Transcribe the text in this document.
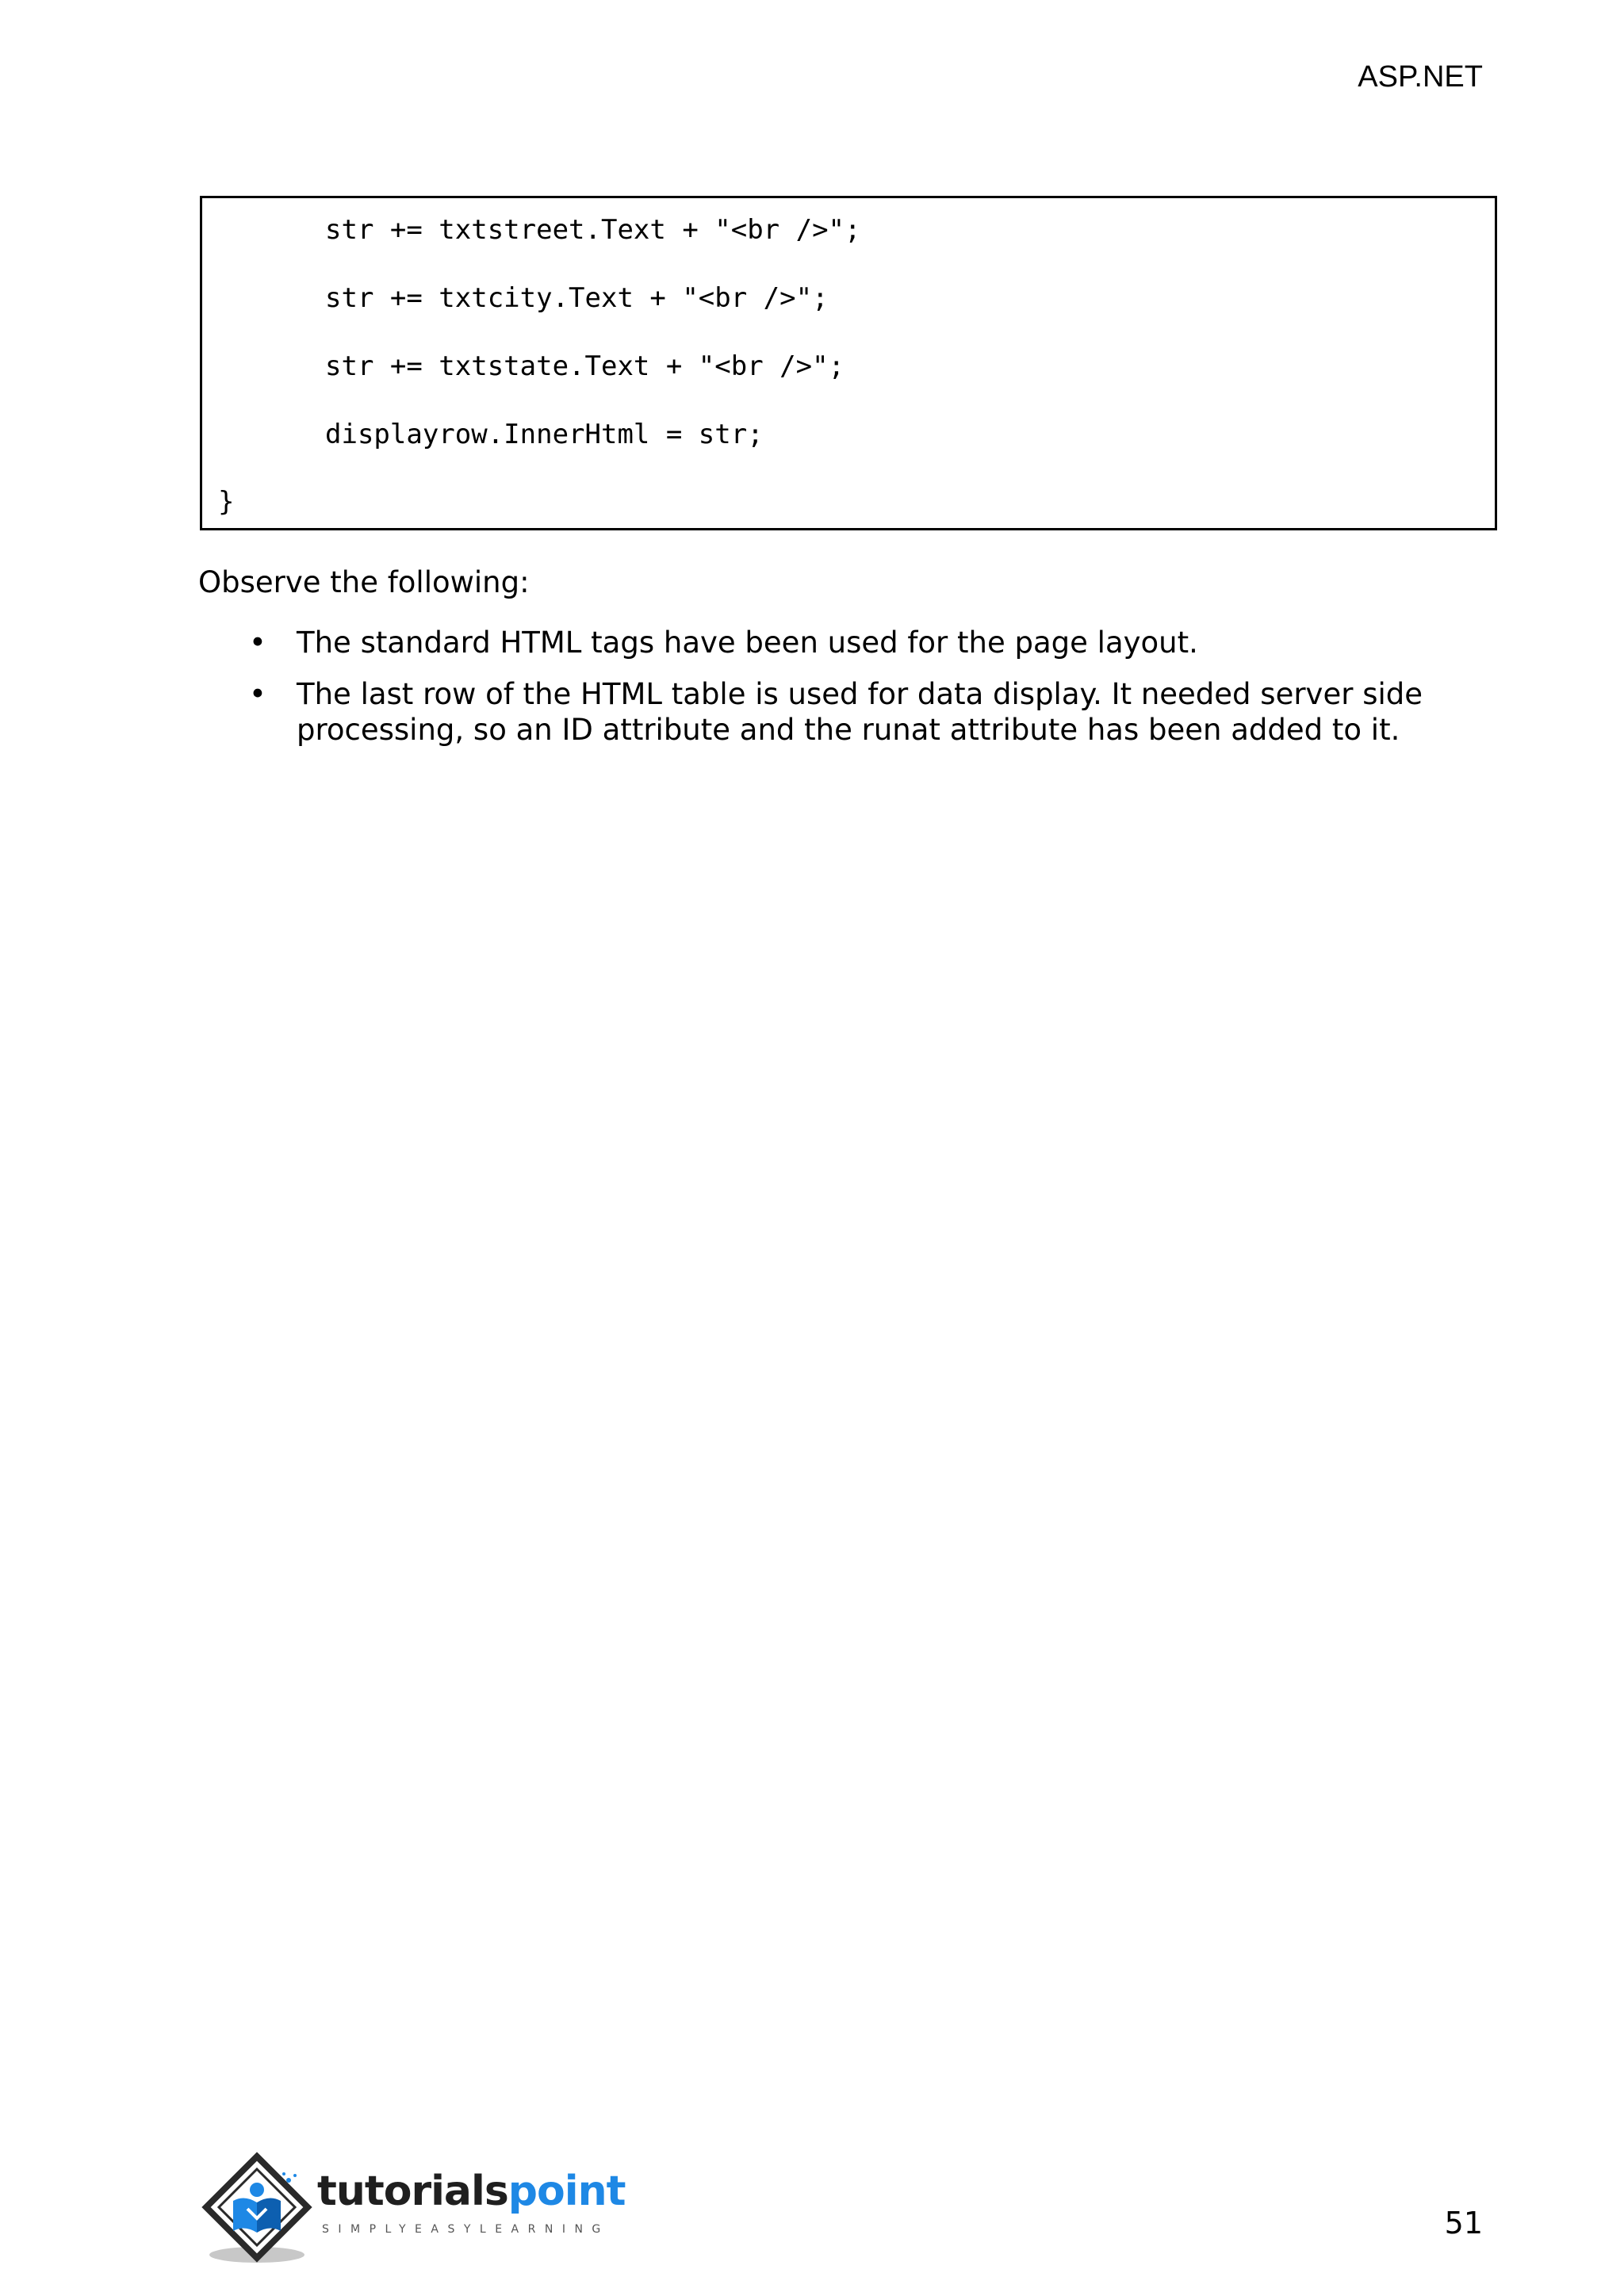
ASP.NET
str += txtstreet.Text + "<br />";
str += txtcity.Text + "<br />";
str += txtstate.Text + "<br />";
displayrow.InnerHtml = str;
}
Observe the following:
• The standard HTML tags have been used for the page layout.
• The last row of the HTML table is used for data display. It needed server side processing, so an ID attribute and the runat attribute has been added to it.
tutorialspoint
SIMPLYEASYLEARNING	51
